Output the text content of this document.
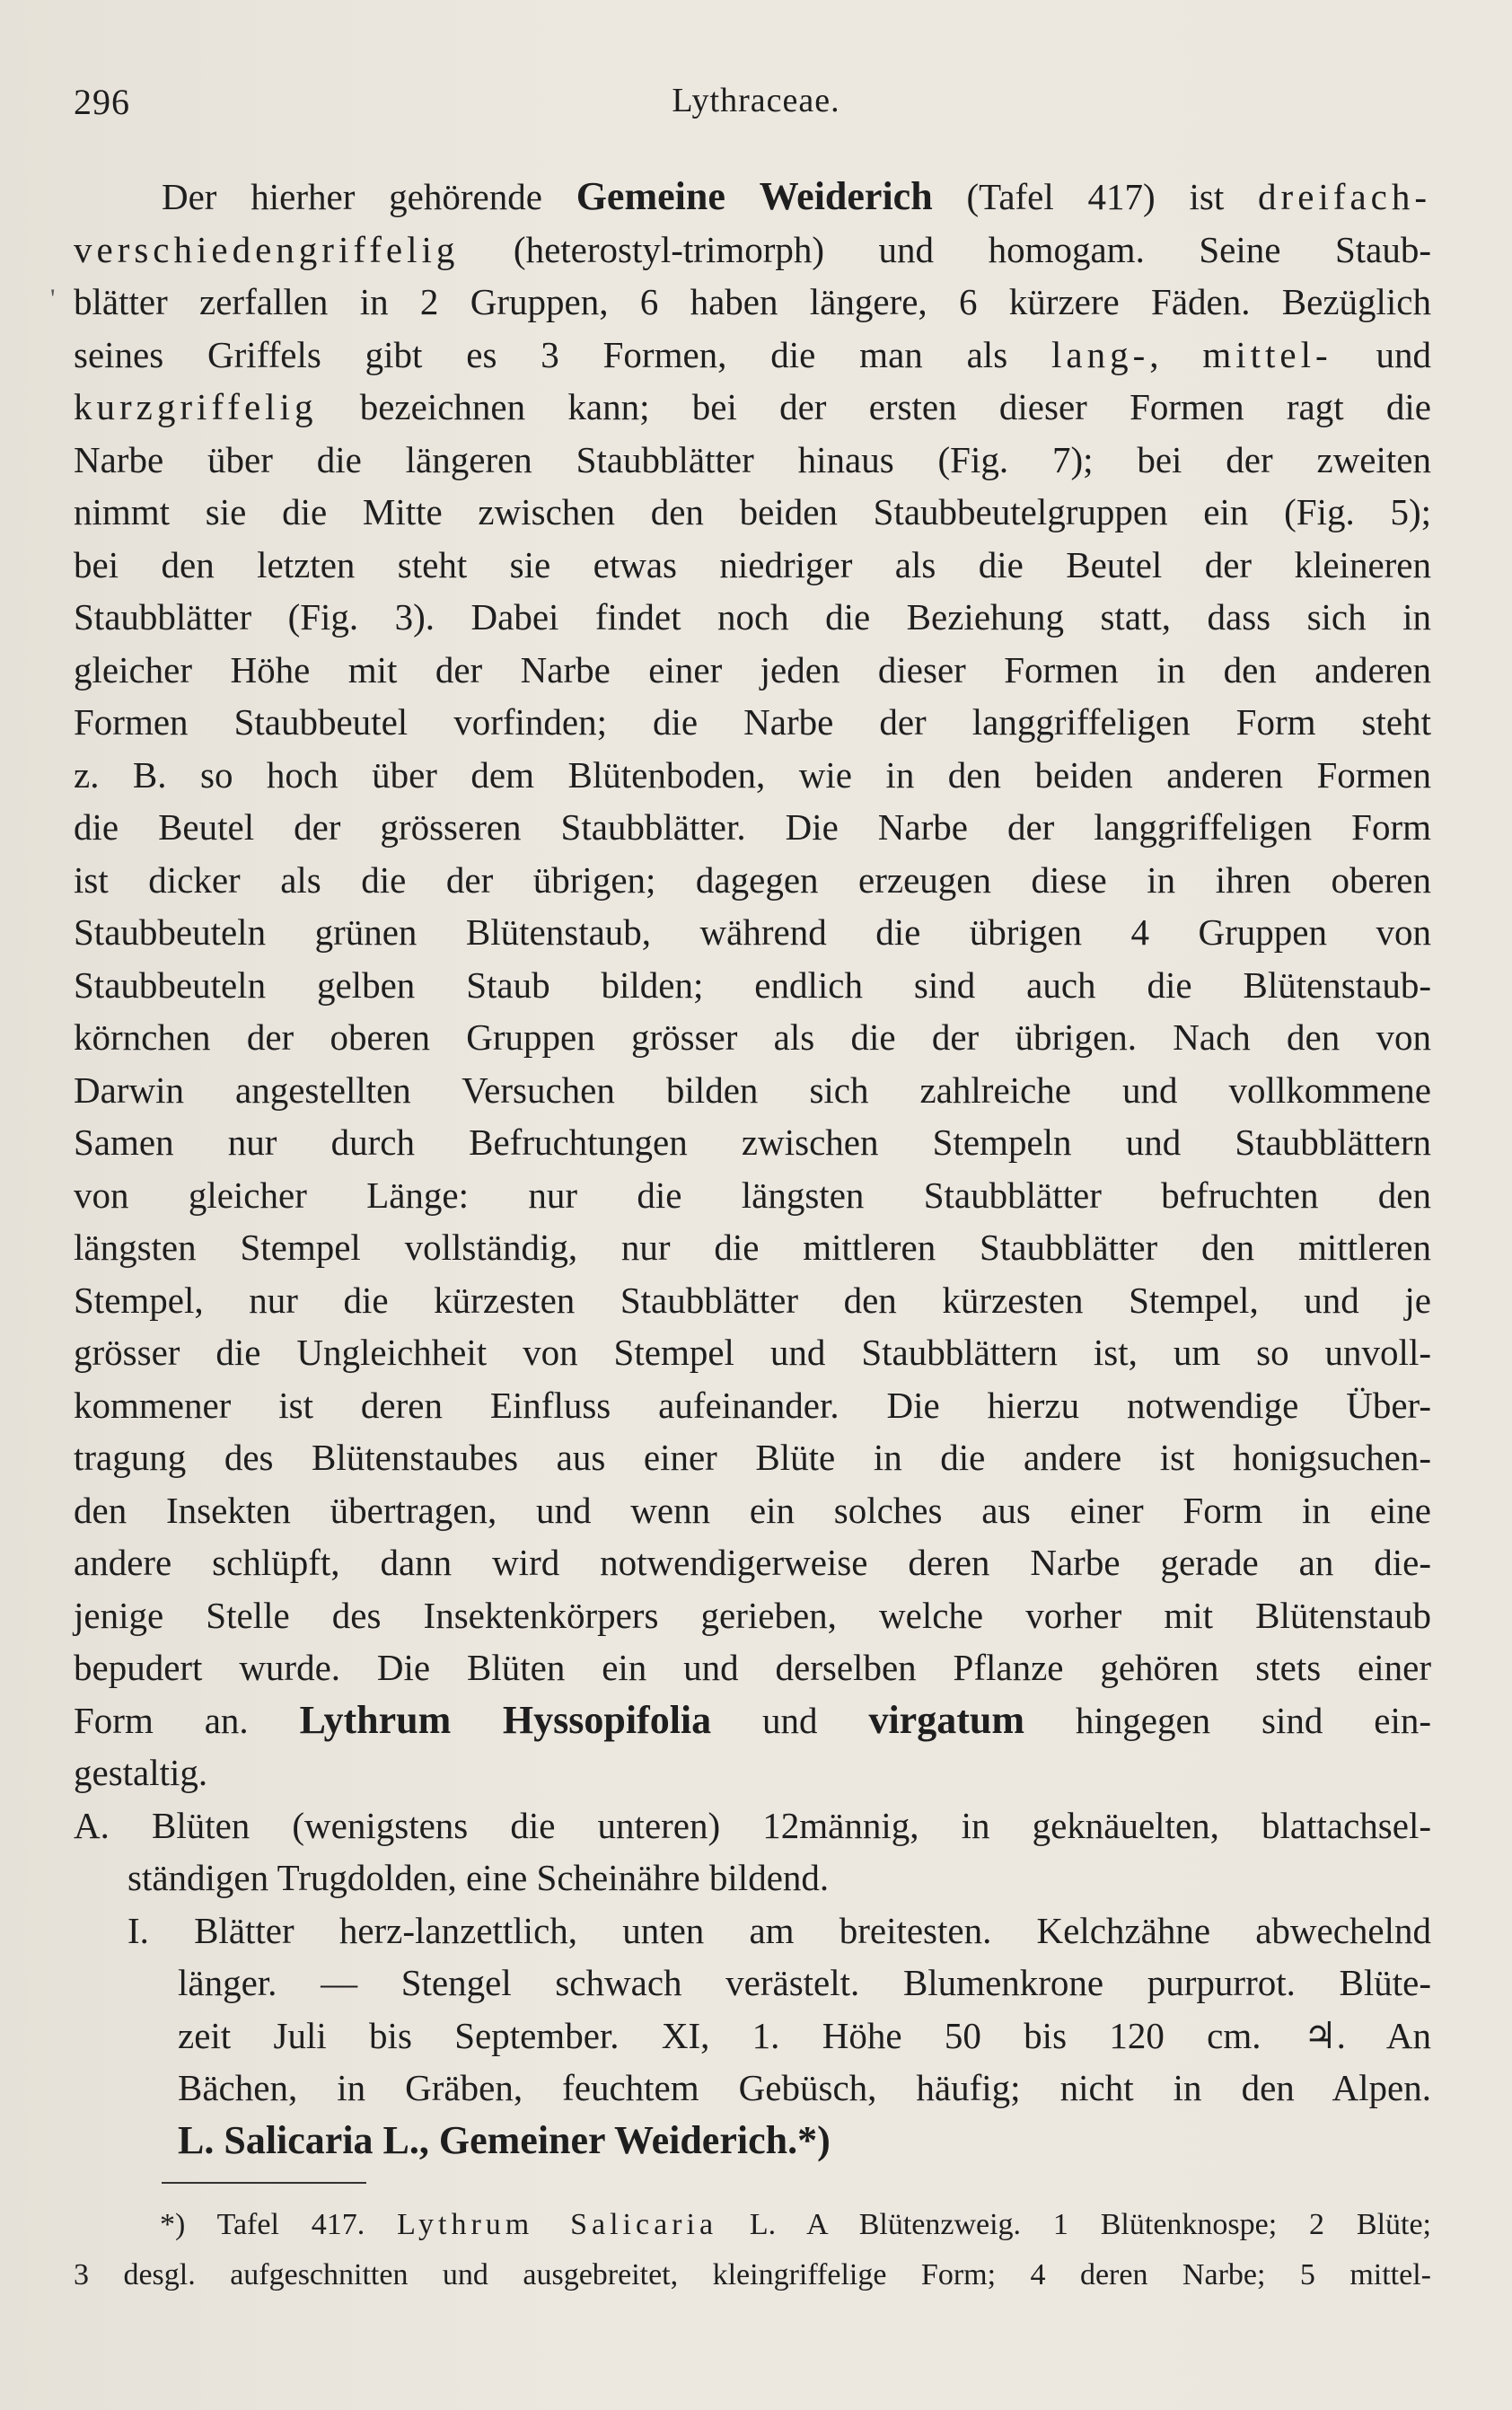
296	Lythraceae.
'
Der hierher gehörende Gemeine Weiderich (Tafel 417) ist dreifach-
verschiedengriffelig (heterostyl-trimorph) und homogam. Seine Staub-
blätter zerfallen in 2 Gruppen, 6 haben längere, 6 kürzere Fäden. Bezüglich
seines Griffels gibt es 3 Formen, die man als lang-, mittel- und
kurzgriffelig bezeichnen kann; bei der ersten dieser Formen ragt die
Narbe über die längeren Staubblätter hinaus (Fig. 7); bei der zweiten
nimmt sie die Mitte zwischen den beiden Staubbeutelgruppen ein (Fig. 5);
bei den letzten steht sie etwas niedriger als die Beutel der kleineren
Staubblätter (Fig. 3). Dabei findet noch die Beziehung statt, dass sich in
gleicher Höhe mit der Narbe einer jeden dieser Formen in den anderen
Formen Staubbeutel vorfinden; die Narbe der langgriffeligen Form steht
z. B. so hoch über dem Blütenboden, wie in den beiden anderen Formen
die Beutel der grösseren Staubblätter. Die Narbe der langgriffeligen Form
ist dicker als die der übrigen; dagegen erzeugen diese in ihren oberen
Staubbeuteln grünen Blütenstaub, während die übrigen 4 Gruppen von
Staubbeuteln gelben Staub bilden; endlich sind auch die Blütenstaub-
körnchen der oberen Gruppen grösser als die der übrigen. Nach den von
Darwin angestellten Versuchen bilden sich zahlreiche und vollkommene
Samen nur durch Befruchtungen zwischen Stempeln und Staubblättern
von gleicher Länge: nur die längsten Staubblätter befruchten den
längsten Stempel vollständig, nur die mittleren Staubblätter den mittleren
Stempel, nur die kürzesten Staubblätter den kürzesten Stempel, und je
grösser die Ungleichheit von Stempel und Staubblättern ist, um so unvoll-
kommener ist deren Einfluss aufeinander. Die hierzu notwendige Über-
tragung des Blütenstaubes aus einer Blüte in die andere ist honigsuchen-
den Insekten übertragen, und wenn ein solches aus einer Form in eine
andere schlüpft, dann wird notwendigerweise deren Narbe gerade an die-
jenige Stelle des Insektenkörpers gerieben, welche vorher mit Blütenstaub
bepudert wurde. Die Blüten ein und derselben Pflanze gehören stets einer
Form an. Lythrum Hyssopifolia und virgatum hingegen sind ein-
gestaltig.
A. Blüten (wenigstens die unteren) 12männig, in geknäuelten, blattachsel-
ständigen Trugdolden, eine Scheinähre bildend.
I. Blätter herz-lanzettlich, unten am breitesten. Kelchzähne abwechelnd
länger. — Stengel schwach verästelt. Blumenkrone purpurrot. Blüte-
zeit Juli bis September. XI, 1. Höhe 50 bis 120 cm. ♃. An
Bächen, in Gräben, feuchtem Gebüsch, häufig; nicht in den Alpen.
L. Salicaria L., Gemeiner Weiderich.*)
*) Tafel 417. Lythrum Salicaria L. A Blütenzweig. 1 Blütenknospe; 2 Blüte;
3 desgl. aufgeschnitten und ausgebreitet, kleingriffelige Form; 4 deren Narbe; 5 mittel-
